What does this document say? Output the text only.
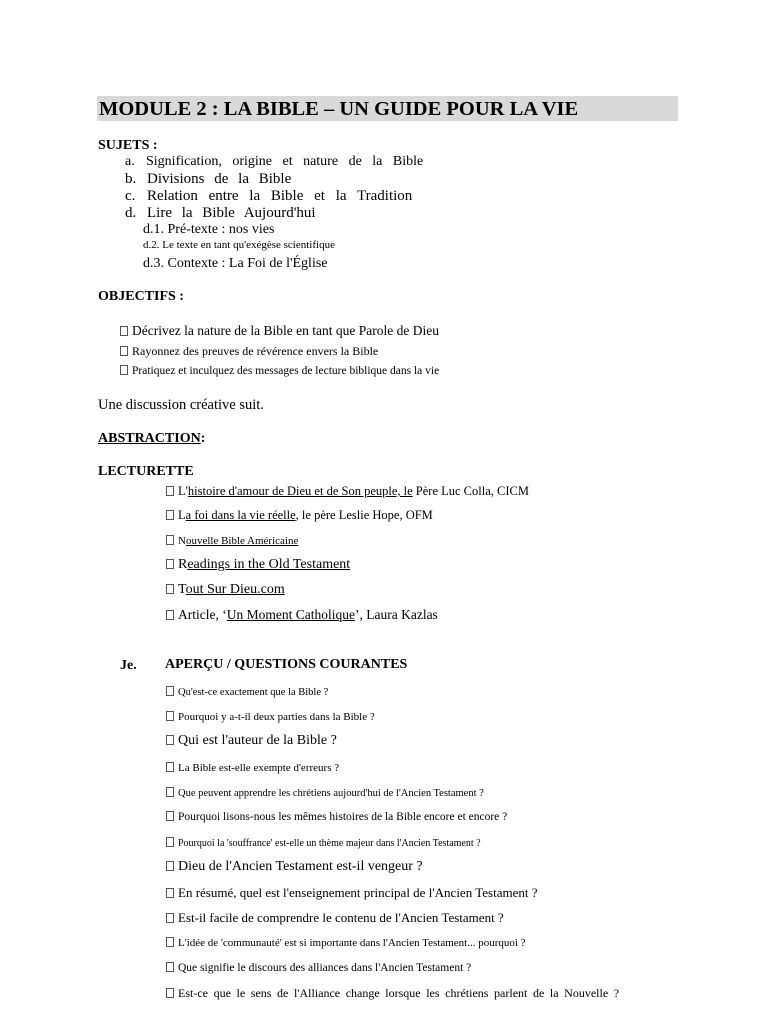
MODULE 2 : LA BIBLE – UN GUIDE POUR LA VIE
SUJETS :
a. Signification, origine et nature de la Bible
b. Divisions de la Bible
c. Relation entre la Bible et la Tradition
d. Lire la Bible Aujourd'hui
d.1. Pré-texte : nos vies
d.2. Le texte en tant qu'exégèse scientifique
d.3. Contexte : La Foi de l'Église
OBJECTIFS :
Décrivez la nature de la Bible en tant que Parole de Dieu
Rayonnez des preuves de révérence envers la Bible
Pratiquez et inculquez des messages de lecture biblique dans la vie
Une discussion créative suit.
ABSTRACTION:
LECTURETTE
L'histoire d'amour de Dieu et de Son peuple, le Père Luc Colla, CICM
La foi dans la vie réelle, le père Leslie Hope, OFM
Nouvelle Bible Américaine
Readings in the Old Testament
Tout Sur Dieu.com
Article, ‘Un Moment Catholique’, Laura Kazlas
Je. APERÇU / QUESTIONS COURANTES
Qu'est-ce exactement que la Bible ?
Pourquoi y a-t-il deux parties dans la Bible ?
Qui est l'auteur de la Bible ?
La Bible est-elle exempte d'erreurs ?
Que peuvent apprendre les chrétiens aujourd'hui de l'Ancien Testament ?
Pourquoi lisons-nous les mêmes histoires de la Bible encore et encore ?
Pourquoi la 'souffrance' est-elle un thème majeur dans l'Ancien Testament ?
Dieu de l'Ancien Testament est-il vengeur ?
En résumé, quel est l'enseignement principal de l'Ancien Testament ?
Est-il facile de comprendre le contenu de l'Ancien Testament ?
L'idée de 'communauté' est si importante dans l'Ancien Testament... pourquoi ?
Que signifie le discours des alliances dans l'Ancien Testament ?
Est-ce que le sens de l'Alliance change lorsque les chrétiens parlent de la Nouvelle ?
